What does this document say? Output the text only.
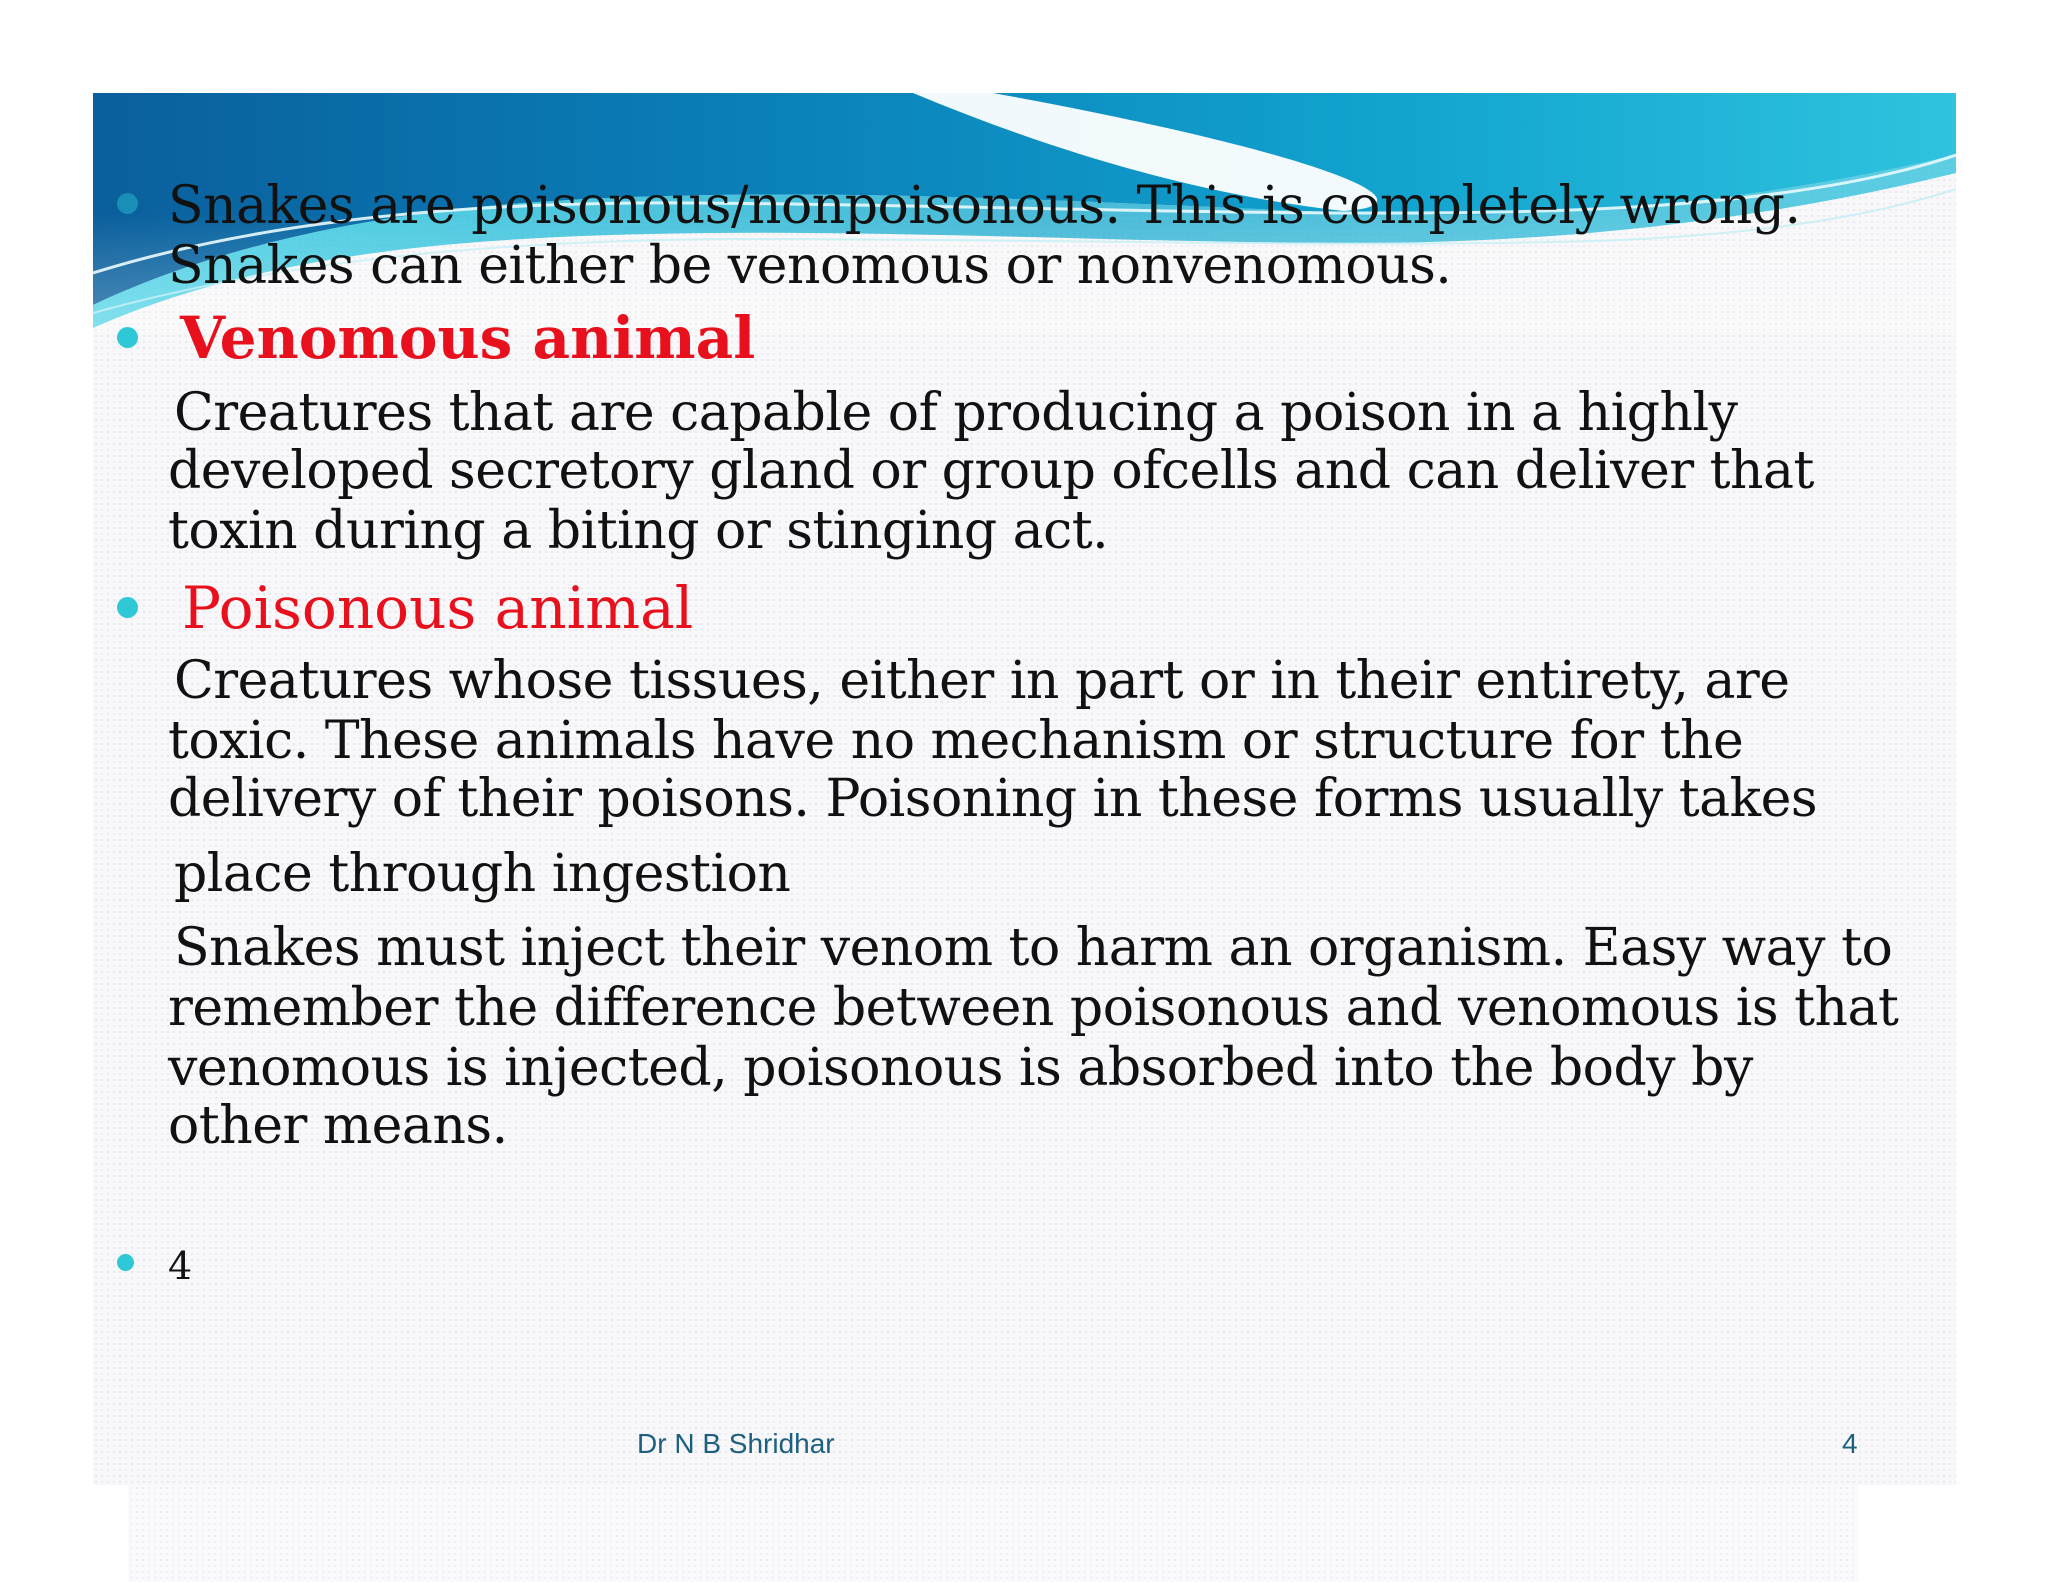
Snakes are poisonous/nonpoisonous. This is completely wrong.
Snakes can either be venomous or nonvenomous.
Venomous animal
Creatures that are capable of producing a poison in a highly
developed secretory gland or group ofcells and can deliver that
toxin during a biting or stinging act.
Poisonous animal
Creatures whose tissues, either in part or in their entirety, are
toxic. These animals have no mechanism or structure for the
delivery of their poisons. Poisoning in these forms usually takes
place through ingestion
Snakes must inject their venom to harm an organism. Easy way to
remember the difference between poisonous and venomous is that
venomous is injected, poisonous is absorbed into the body by
other means.
4
Dr N B Shridhar	4
